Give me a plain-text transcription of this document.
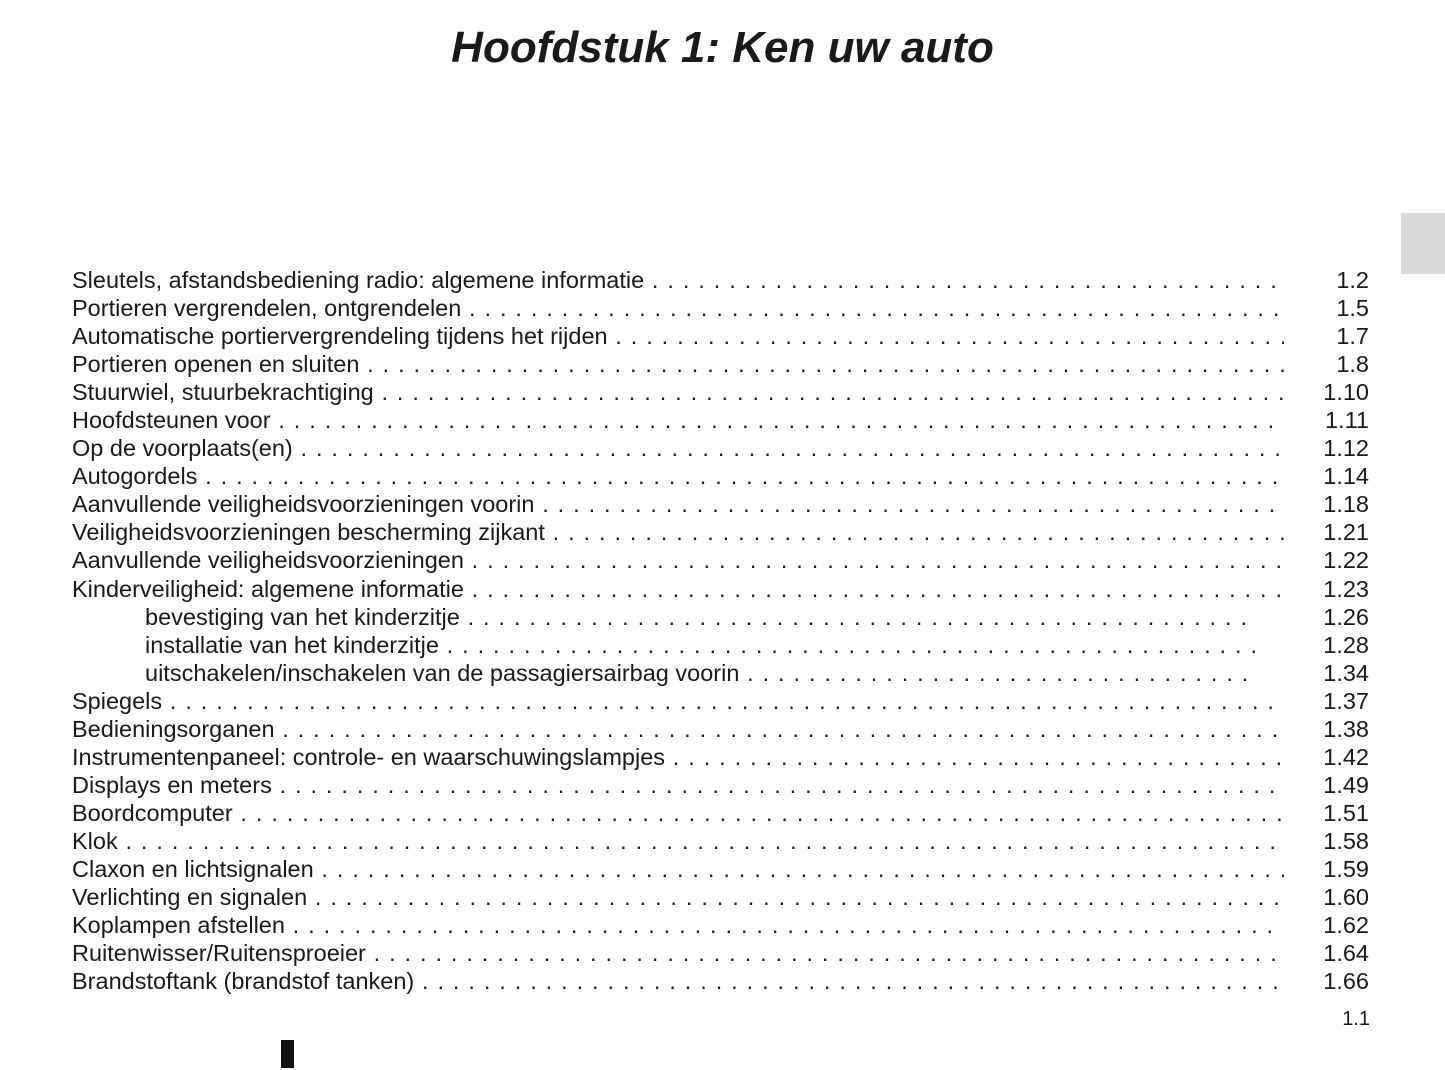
Hoofdstuk 1: Ken uw auto
Sleutels, afstandsbediening radio: algemene informatie . . .	1.2
Portieren vergrendelen, ontgrendelen . . .	1.5
Automatische portiervergrendeling tijdens het rijden . . .	1.7
Portieren openen en sluiten . . .	1.8
Stuurwiel, stuurbekrachtiging . . .	1.10
Hoofdsteunen voor . . .	1.11
Op de voorplaats(en) . . .	1.12
Autogordels . . .	1.14
Aanvullende veiligheidsvoorzieningen voorin . . .	1.18
Veiligheidsvoorzieningen bescherming zijkant . . .	1.21
Aanvullende veiligheidsvoorzieningen . . .	1.22
Kinderveiligheid: algemene informatie . . .	1.23
bevestiging van het kinderzitje . . .	1.26
installatie van het kinderzitje . . .	1.28
uitschakelen/inschakelen van de passagiersairbag voorin . . .	1.34
Spiegels . . .	1.37
Bedieningsorganen . . .	1.38
Instrumentenpaneel: controle- en waarschuwingslampjes . . .	1.42
Displays en meters . . .	1.49
Boordcomputer . . .	1.51
Klok . . .	1.58
Claxon en lichtsignalen . . .	1.59
Verlichting en signalen . . .	1.60
Koplampen afstellen . . .	1.62
Ruitenwisser/Ruitensproeier . . .	1.64
Brandstoftank (brandstof tanken) . . .	1.66
1.1
